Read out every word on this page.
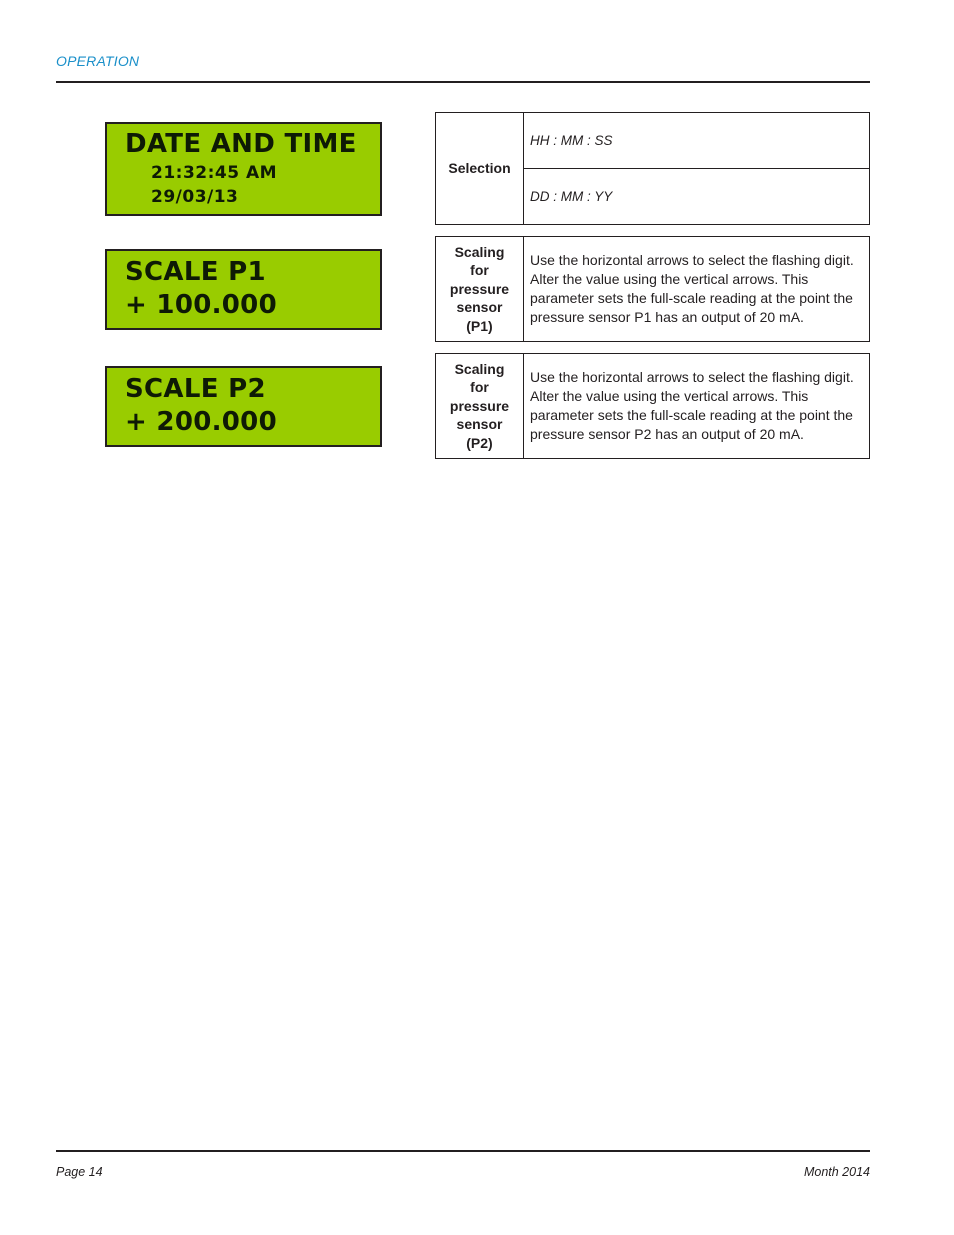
OPERATION
DATE AND TIME
21:32:45 AM
29/03/13
SCALE P1
+ 100.000
SCALE P2
+ 200.000
Selection	HH : MM : SS
DD : MM : YY
Scaling
for
pressure
sensor
(P1)	Use the horizontal arrows to select the flashing digit. Alter the value using the vertical arrows. This parameter sets the full-scale reading at the point the pressure sensor P1 has an output of 20 mA.
Scaling
for
pressure
sensor
(P2)	Use the horizontal arrows to select the flashing digit. Alter the value using the vertical arrows. This parameter sets the full-scale reading at the point the pressure sensor P2 has an output of 20 mA.
Page 14	Month 2014
